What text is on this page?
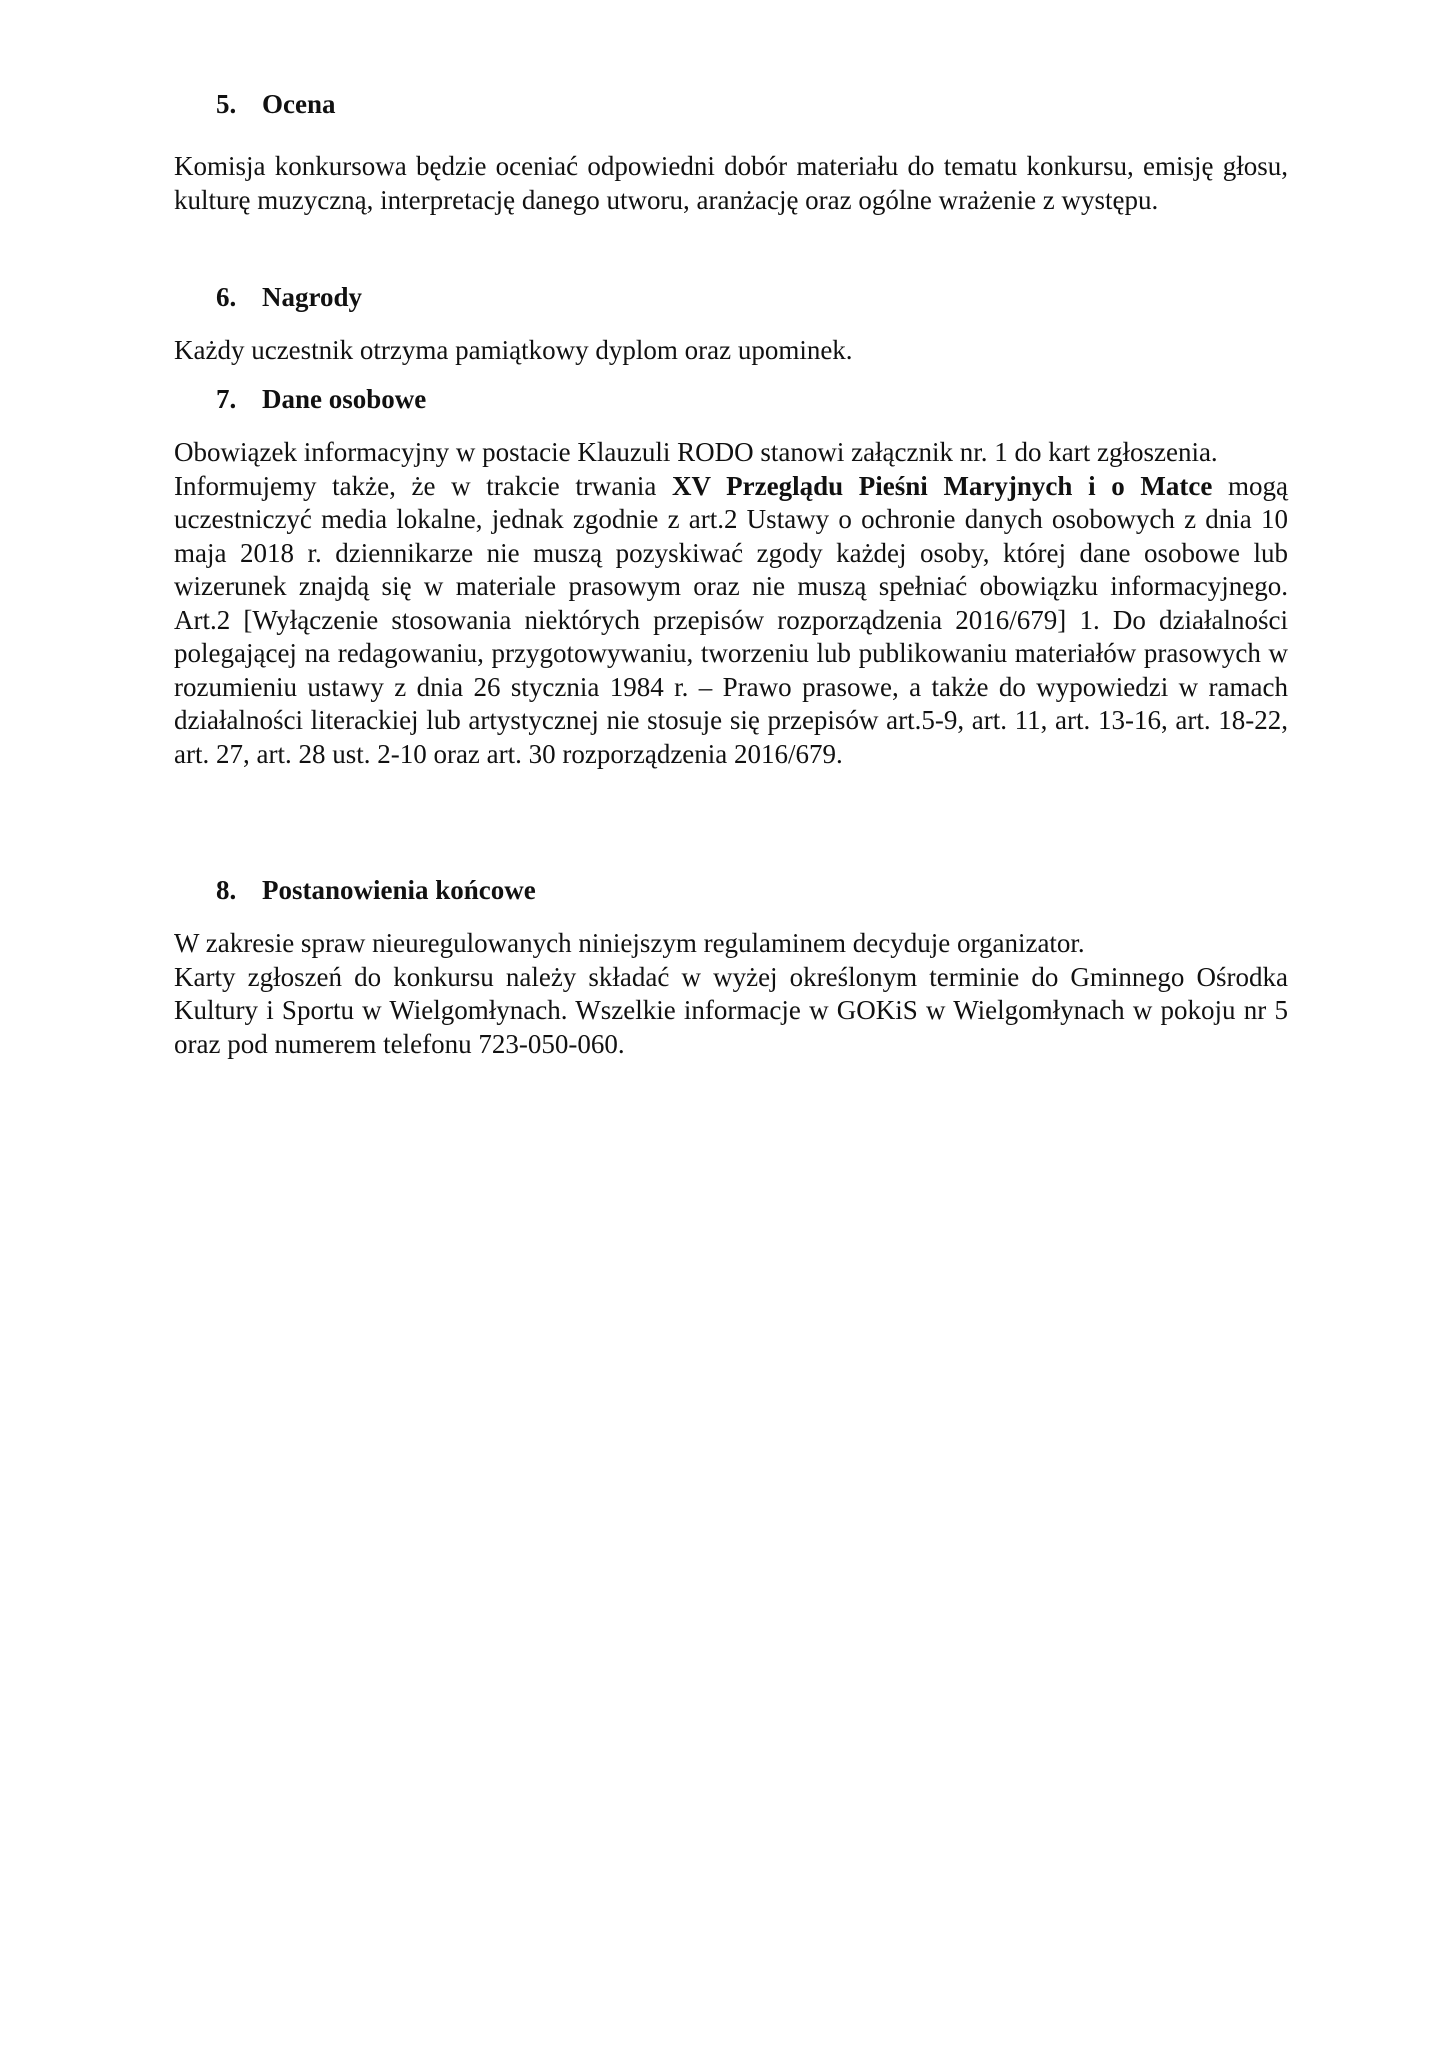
5. Ocena

Komisja konkursowa będzie oceniać odpowiedni dobór materiału do tematu konkursu, emisję głosu, kulturę muzyczną, interpretację danego utworu, aranżację oraz ogólne wrażenie z występu.

6. Nagrody

Każdy uczestnik otrzyma pamiątkowy dyplom oraz upominek.

7. Dane osobowe

Obowiązek informacyjny w postacie Klauzuli RODO stanowi załącznik nr. 1 do kart zgłoszenia.

Informujemy także, że w trakcie trwania XV Przeglądu Pieśni Maryjnych i o Matce mogą uczestniczyć media lokalne, jednak zgodnie z art.2 Ustawy o ochronie danych osobowych z dnia 10 maja 2018 r. dziennikarze nie muszą pozyskiwać zgody każdej osoby, której dane osobowe lub wizerunek znajdą się w materiale prasowym oraz nie muszą spełniać obowiązku informacyjnego. Art.2 [Wyłączenie stosowania niektórych przepisów rozporządzenia 2016/679] 1. Do działalności polegającej na redagowaniu, przygotowywaniu, tworzeniu lub publikowaniu materiałów prasowych w rozumieniu ustawy z dnia 26 stycznia 1984 r. – Prawo prasowe, a także do wypowiedzi w ramach działalności literackiej lub artystycznej nie stosuje się przepisów art.5-9, art. 11, art. 13-16, art. 18-22, art. 27, art. 28 ust. 2-10 oraz art. 30 rozporządzenia 2016/679.

8. Postanowienia końcowe

W zakresie spraw nieuregulowanych niniejszym regulaminem decyduje organizator.

Karty zgłoszeń do konkursu należy składać w wyżej określonym terminie do Gminnego Ośrodka Kultury i Sportu w Wielgomłynach. Wszelkie informacje w GOKiS w Wielgomłynach w pokoju nr 5 oraz pod numerem telefonu 723-050-060.
